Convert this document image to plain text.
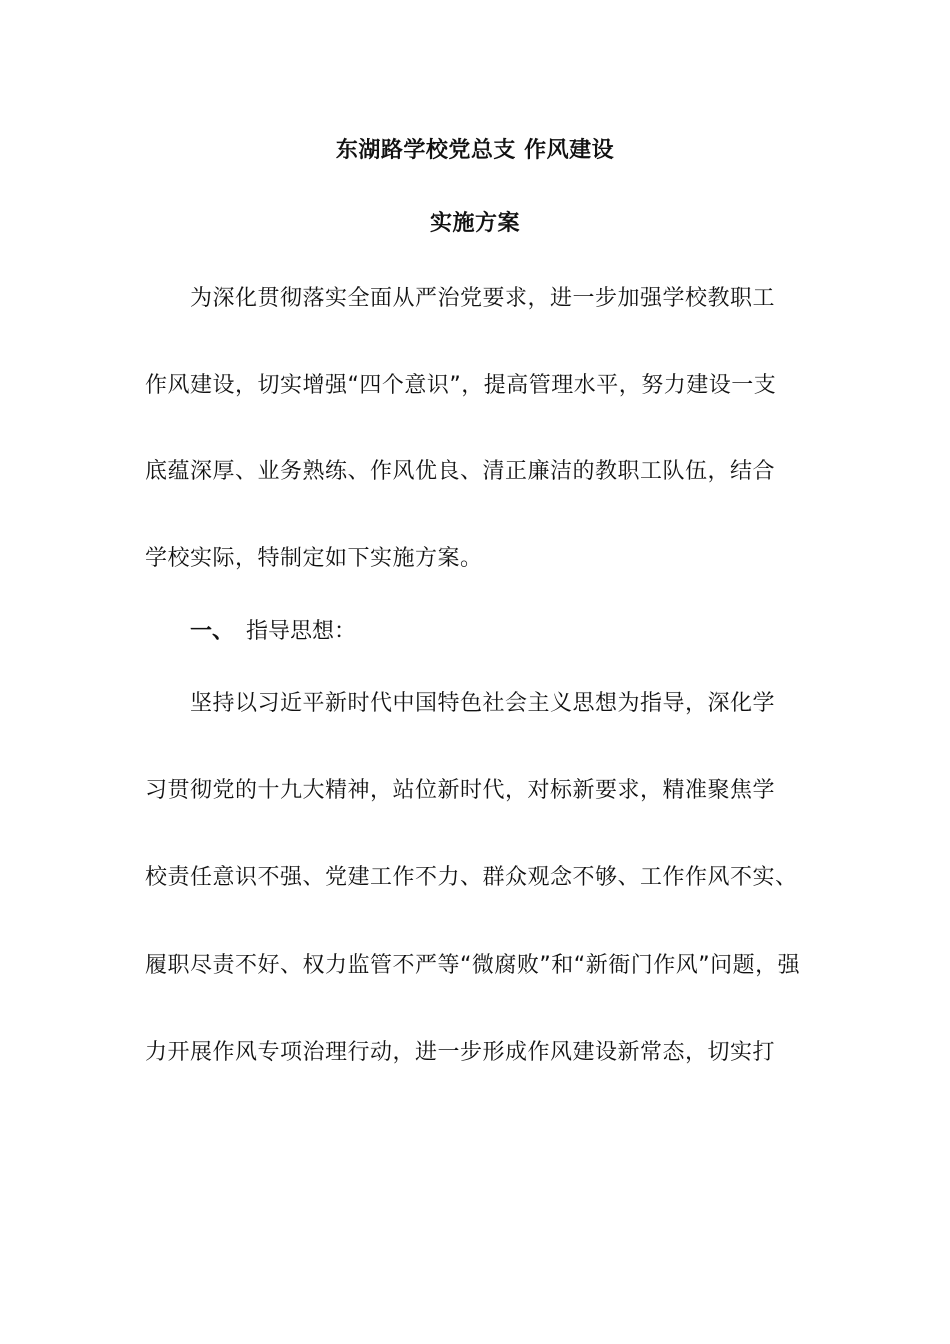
东湖路学校党总支 作风建设
实施方案
为深化贯彻落实全面从严治党要求，进一步加强学校教职工
作风建设，切实增强“四个意识”，提高管理水平，努力建设一支
底蕴深厚、业务熟练、作风优良、清正廉洁的教职工队伍，结合
学校实际，特制定如下实施方案。
一、 指导思想：
坚持以习近平新时代中国特色社会主义思想为指导，深化学
习贯彻党的十九大精神，站位新时代，对标新要求，精准聚焦学
校责任意识不强、党建工作不力、群众观念不够、工作作风不实、
履职尽责不好、权力监管不严等“微腐败”和“新衙门作风”问题，强
力开展作风专项治理行动，进一步形成作风建设新常态，切实打
